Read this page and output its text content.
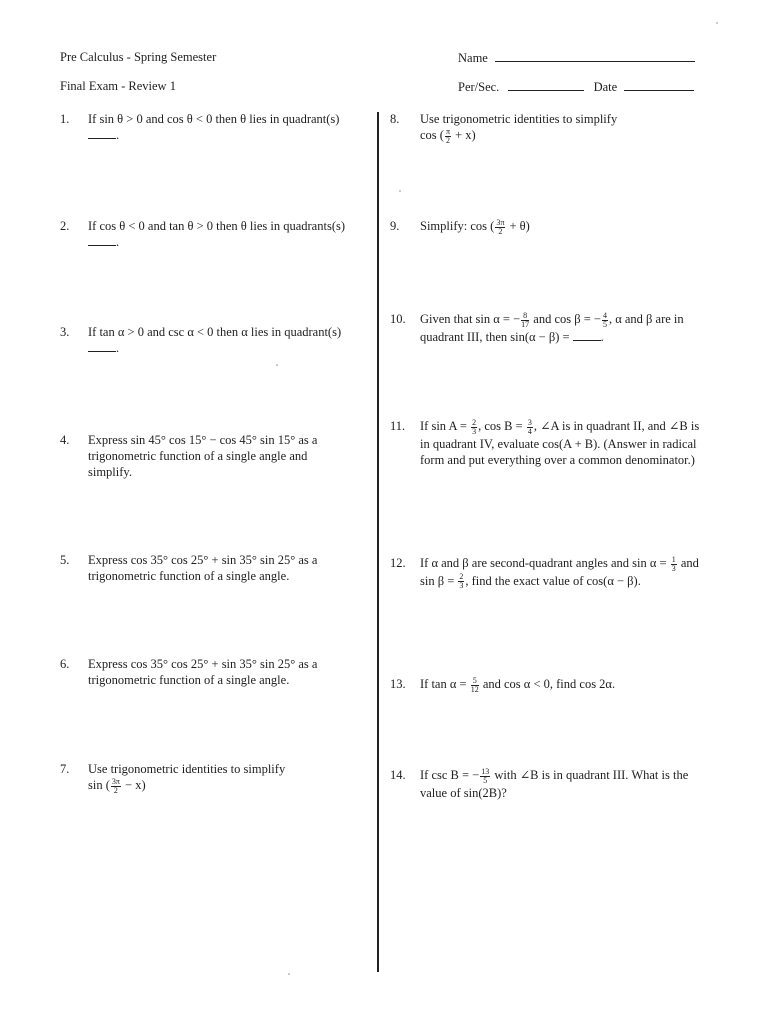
Pre Calculus - Spring Semester
Final Exam - Review 1
Name
Per/Sec.	Date
1. If sin θ > 0 and cos θ < 0 then θ lies in quadrant(s) .
2. If cos θ < 0 and tan θ > 0 then θ lies in quadrants(s) .
3. If tan α > 0 and csc α < 0 then α lies in quadrant(s) .
4. Express sin 45° cos 15° − cos 45° sin 15° as a trigonometric function of a single angle and simplify.
5. Express cos 35° cos 25° + sin 35° sin 25° as a trigonometric function of a single angle.
6. Express cos 35° cos 25° + sin 35° sin 25° as a trigonometric function of a single angle.
7. Use trigonometric identities to simplify
sin ( $\frac{3\pi}{2} - x$)
8. Use trigonometric identities to simplify
cos ( $\frac{\pi}{2} + x$)
9. Simplify: cos ( $\frac{3\pi}{2} + \theta$)
10. Given that sin α = − $\frac{8}{17}$ and cos β = − $\frac{4}{5}$ , α and β are in quadrant III, then sin(α − β) = .
11. If $\sin A = \frac{2}{3}$ , $\cos B = \frac{3}{4}$ , ∠A is in quadrant II, and ∠B is in quadrant IV, evaluate cos(A + B). (Answer in radical form and put everything over a common denominator.)
12. If α and β are second-quadrant angles and $\sin \alpha = \frac{1}{3}$ and $\sin \beta = \frac{2}{3}$ , find the exact value of cos(α − β).
13. If $\tan \alpha = \frac{5}{12}$ and cos α < 0, find cos 2α.
14. If csc B = − $\frac{13}{5}$ with ∠B is in quadrant III. What is the value of sin(2B)?
